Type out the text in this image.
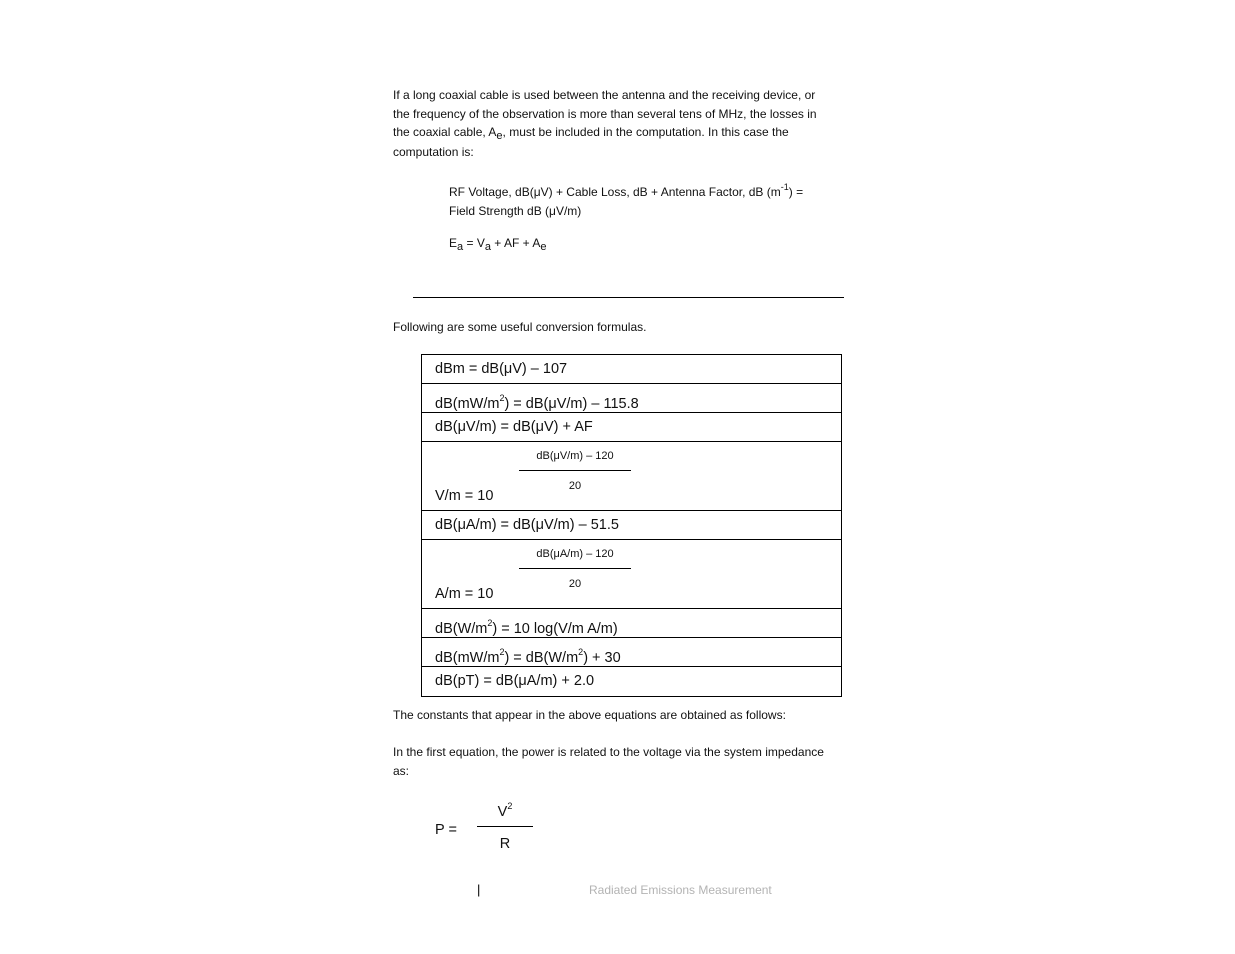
If a long coaxial cable is used between the antenna and the receiving device, or
the frequency of the observation is more than several tens of MHz, the losses in
the coaxial cable, Ae, must be included in the computation. In this case the
computation is:
RF Voltage, dB(μV) + Cable Loss, dB + Antenna Factor, dB $(m^{-1})$ =
Field Strength dB (μV/m)
Ea = Va + AF + Ae
Following are some useful conversion formulas.
dBm = dB(μV) – 107
$dB(mW/m^2) = dB(\mu V/m) - 115.8$
dB(μV/m) = dB(μV) + AF
dB(μV/m) – 120
20
V/m = 10
dB(μA/m) = dB(μV/m) – 51.5
dB(μA/m) – 120
20
A/m = 10
$dB(W/m^2) = 10$ log(V/m A/m)
$dB(mW/m^2) = dB(W/m^2) + 30$
dB(pT) = dB(μA/m) + 2.0
The constants that appear in the above equations are obtained as follows:
In the first equation, the power is related to the voltage via the system impedance
as:
P =
$V^2$
R
|	Radiated Emissions Measurement
